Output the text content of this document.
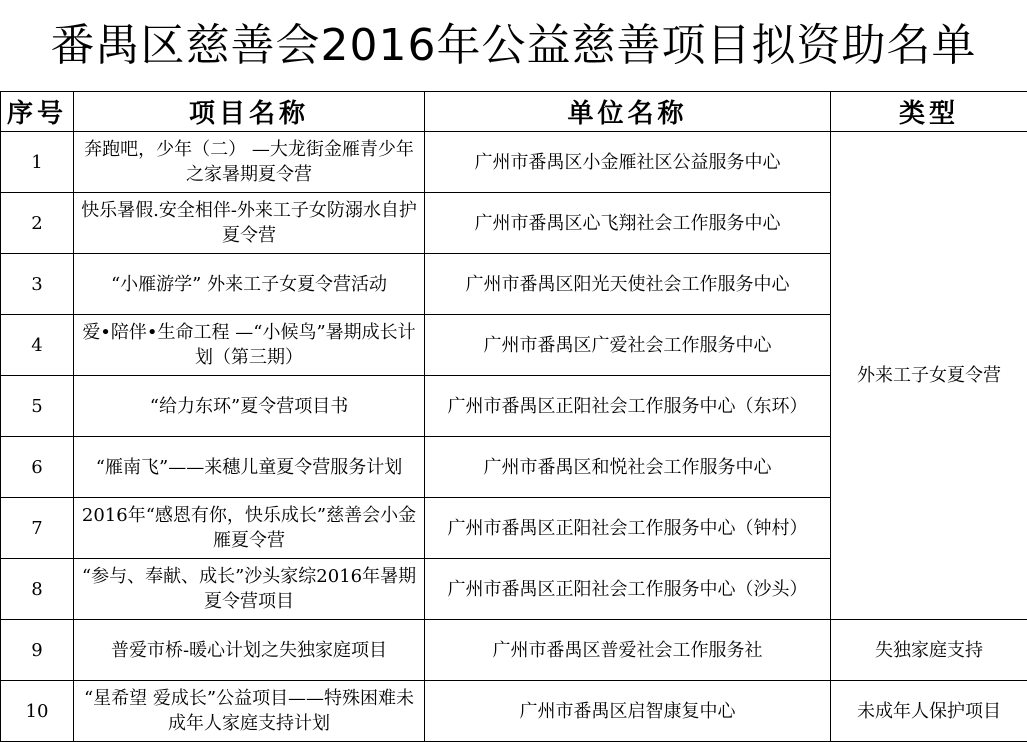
番禺区慈善会2016年公益慈善项目拟资助名单
序号	项目名称	单位名称	类型
1	奔跑吧，少年（二） —大龙街金雁青少年之家暑期夏令营	广州市番禺区小金雁社区公益服务中心	外来工子女夏令营
2	快乐暑假.安全相伴-外来工子女防溺水自护夏令营	广州市番禺区心飞翔社会工作服务中心	
3	“小雁游学” 外来工子女夏令营活动	广州市番禺区阳光天使社会工作服务中心	
4	爱•陪伴•生命工程 —“小候鸟”暑期成长计划（第三期）	广州市番禺区广爱社会工作服务中心	
5	“给力东环”夏令营项目书	广州市番禺区正阳社会工作服务中心（东环）	
6	“雁南飞”——来穗儿童夏令营服务计划	广州市番禺区和悦社会工作服务中心	
7	2016年“感恩有你，快乐成长”慈善会小金雁夏令营	广州市番禺区正阳社会工作服务中心（钟村）	
8	“参与、奉献、成长”沙头家综2016年暑期夏令营项目	广州市番禺区正阳社会工作服务中心（沙头）	
9	普爱市桥-暖心计划之失独家庭项目	广州市番禺区普爱社会工作服务社	失独家庭支持
10	“星希望 爱成长”公益项目——特殊困难未成年人家庭支持计划	广州市番禺区启智康复中心	未成年人保护项目
